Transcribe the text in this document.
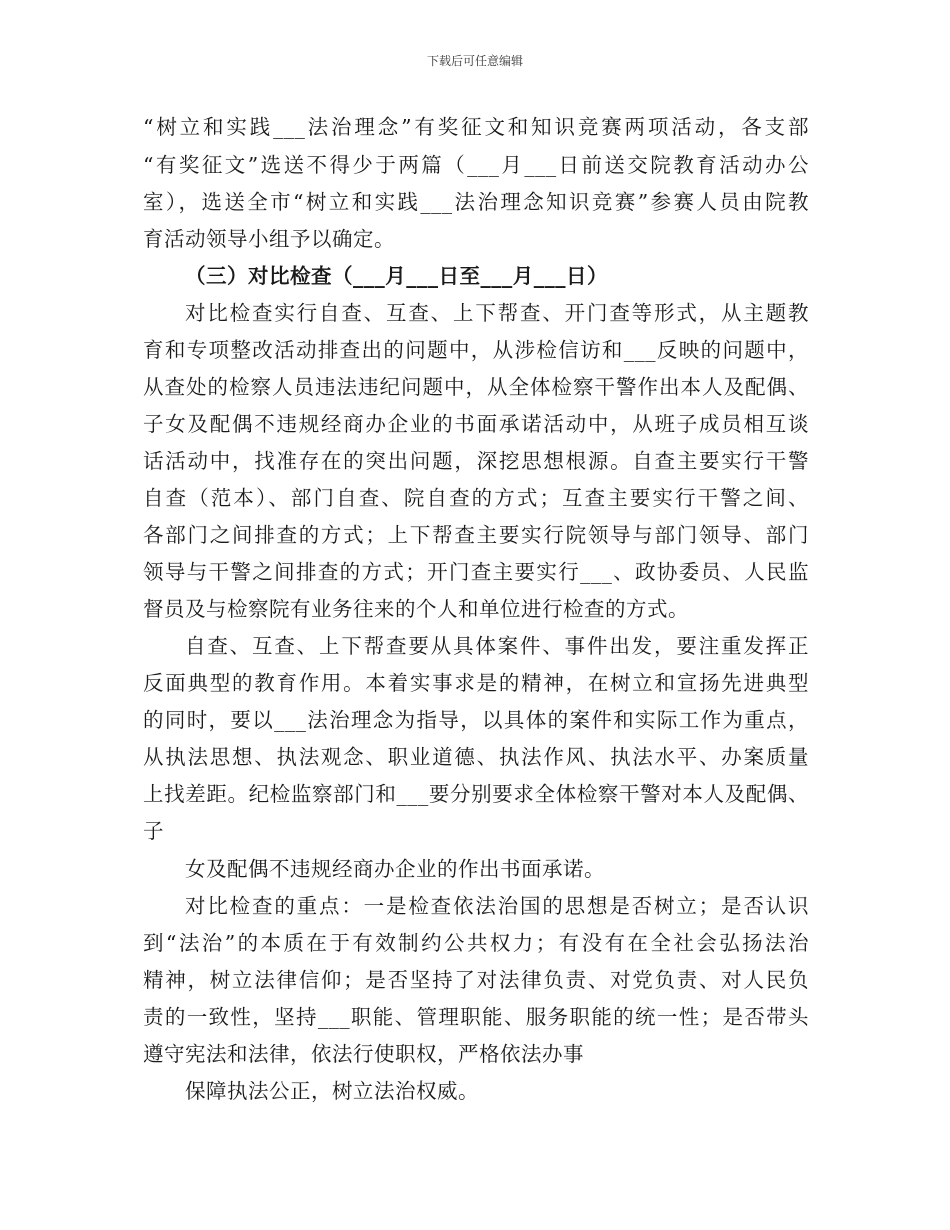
下载后可任意编辑
“树立和实践___法治理念”有奖征文和知识竞赛两项活动，各支部
“有奖征文”选送不得少于两篇（___月___日前送交院教育活动办公
室），选送全市“树立和实践___法治理念知识竞赛”参赛人员由院教
育活动领导小组予以确定。
（三）对比检查（___月___日至___月___日）
对比检查实行自查、互查、上下帮查、开门查等形式，从主题教
育和专项整改活动排查出的问题中，从涉检信访和___反映的问题中，
从查处的检察人员违法违纪问题中，从全体检察干警作出本人及配偶、
子女及配偶不违规经商办企业的书面承诺活动中，从班子成员相互谈
话活动中，找准存在的突出问题，深挖思想根源。自查主要实行干警
自查（范本）、部门自查、院自查的方式；互查主要实行干警之间、
各部门之间排查的方式；上下帮查主要实行院领导与部门领导、部门
领导与干警之间排查的方式；开门查主要实行___、政协委员、人民监
督员及与检察院有业务往来的个人和单位进行检查的方式。
自查、互查、上下帮查要从具体案件、事件出发，要注重发挥正
反面典型的教育作用。本着实事求是的精神，在树立和宣扬先进典型
的同时，要以___法治理念为指导，以具体的案件和实际工作为重点，
从执法思想、执法观念、职业道德、执法作风、执法水平、办案质量
上找差距。纪检监察部门和___要分别要求全体检察干警对本人及配偶、
子
女及配偶不违规经商办企业的作出书面承诺。
对比检查的重点：一是检查依法治国的思想是否树立；是否认识
到“法治”的本质在于有效制约公共权力；有没有在全社会弘扬法治
精神，树立法律信仰；是否坚持了对法律负责、对党负责、对人民负
责的一致性，坚持___职能、管理职能、服务职能的统一性；是否带头
遵守宪法和法律，依法行使职权，严格依法办事
保障执法公正，树立法治权威。
